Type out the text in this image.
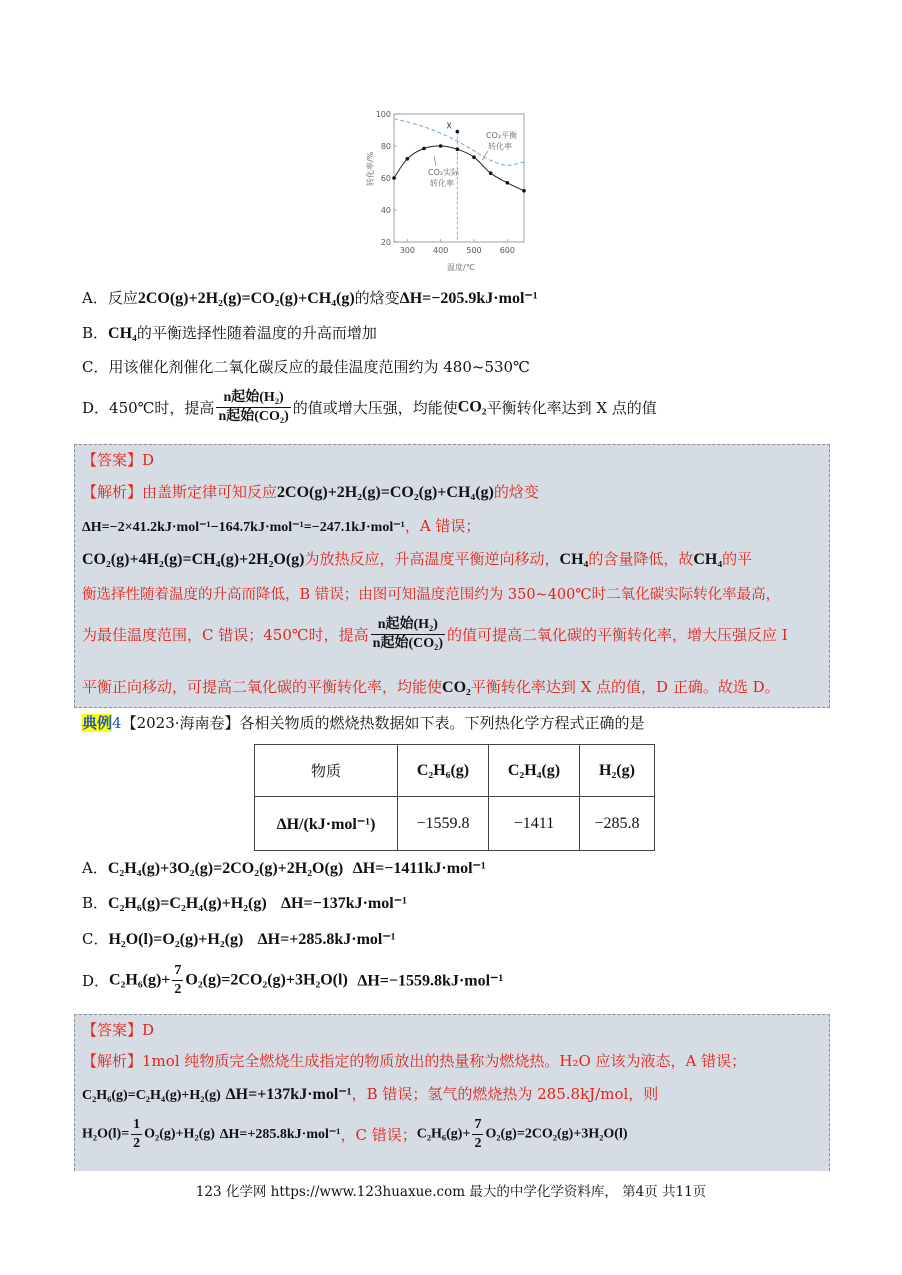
20
40
60
80
100
300 400 500 600
X
CO₂平衡
转化率
CO₂实际
转化率
转化率/%
温度/℃
A．反应2CO(g)+2H₂(g)=CO₂(g)+CH₄(g)的焓变ΔH=−205.9kJ·mol⁻¹
B．CH₄的平衡选择性随着温度的升高而增加
C．用该催化剂催化二氧化碳反应的最佳温度范围约为 480~530℃
D．450℃时，提高 $\frac{\text{n起始(H₂)}}{\text{n起始(CO₂)}}$ 的值或增大压强，均能使CO₂平衡转化率达到 X 点的值
【答案】D
【解析】由盖斯定律可知反应2CO(g)+2H₂(g)=CO₂(g)+CH₄(g)的焓变
ΔH=−2×41.2kJ·mol⁻¹−164.7kJ·mol⁻¹=−247.1kJ·mol⁻¹，A 错误；
CO₂(g)+4H₂(g)=CH₄(g)+2H₂O(g)为放热反应，升高温度平衡逆向移动，CH₄的含量降低，故CH₄的平
衡选择性随着温度的升高而降低，B 错误；由图可知温度范围约为 350~400℃时二氧化碳实际转化率最高，
为最佳温度范围，C 错误；450℃时，提高 $\frac{\text{n起始(H₂)}}{\text{n起始(CO₂)}}$ 的值可提高二氧化碳的平衡转化率，增大压强反应 I
平衡正向移动，可提高二氧化碳的平衡转化率，均能使CO₂平衡转化率达到 X 点的值，D 正确。故选 D。
典例4【2023·海南卷】各相关物质的燃烧热数据如下表。下列热化学方程式正确的是
物质	C₂H₆(g)	C₂H₄(g)	H₂(g)
ΔH/(kJ·mol⁻¹)	−1559.8	−1411	−285.8
A．C₂H₄(g)+3O₂(g)=2CO₂(g)+2H₂O(g) ΔH=−1411kJ·mol⁻¹
B．C₂H₆(g)=C₂H₄(g)+H₂(g) ΔH=−137kJ·mol⁻¹
C．H₂O(l)=O₂(g)+H₂(g) ΔH=+285.8kJ·mol⁻¹
D．$C_2H_6(g)+ \frac{7}{2} O_2(g)=2CO_2(g)+3H_2O(l)$ ΔH=−1559.8kJ·mol⁻¹
【答案】D
【解析】1mol 纯物质完全燃烧生成指定的物质放出的热量称为燃烧热。H₂O 应该为液态，A 错误；
C₂H₆(g)=C₂H₄(g)+H₂(g) ΔH=+137kJ·mol⁻¹，B 错误；氢气的燃烧热为 285.8kJ/mol，则
$H_2O(l)= \frac{1}{2} O_2(g)+H_2(g)$ ΔH=+285.8kJ·mol⁻¹，C 错误；$C_2H_6(g)+ \frac{7}{2} O_2(g)=2CO_2(g)+3H_2O(l)$
123 化学网 https://www.123huaxue.com 最大的中学化学资料库， 第4页 共11页
